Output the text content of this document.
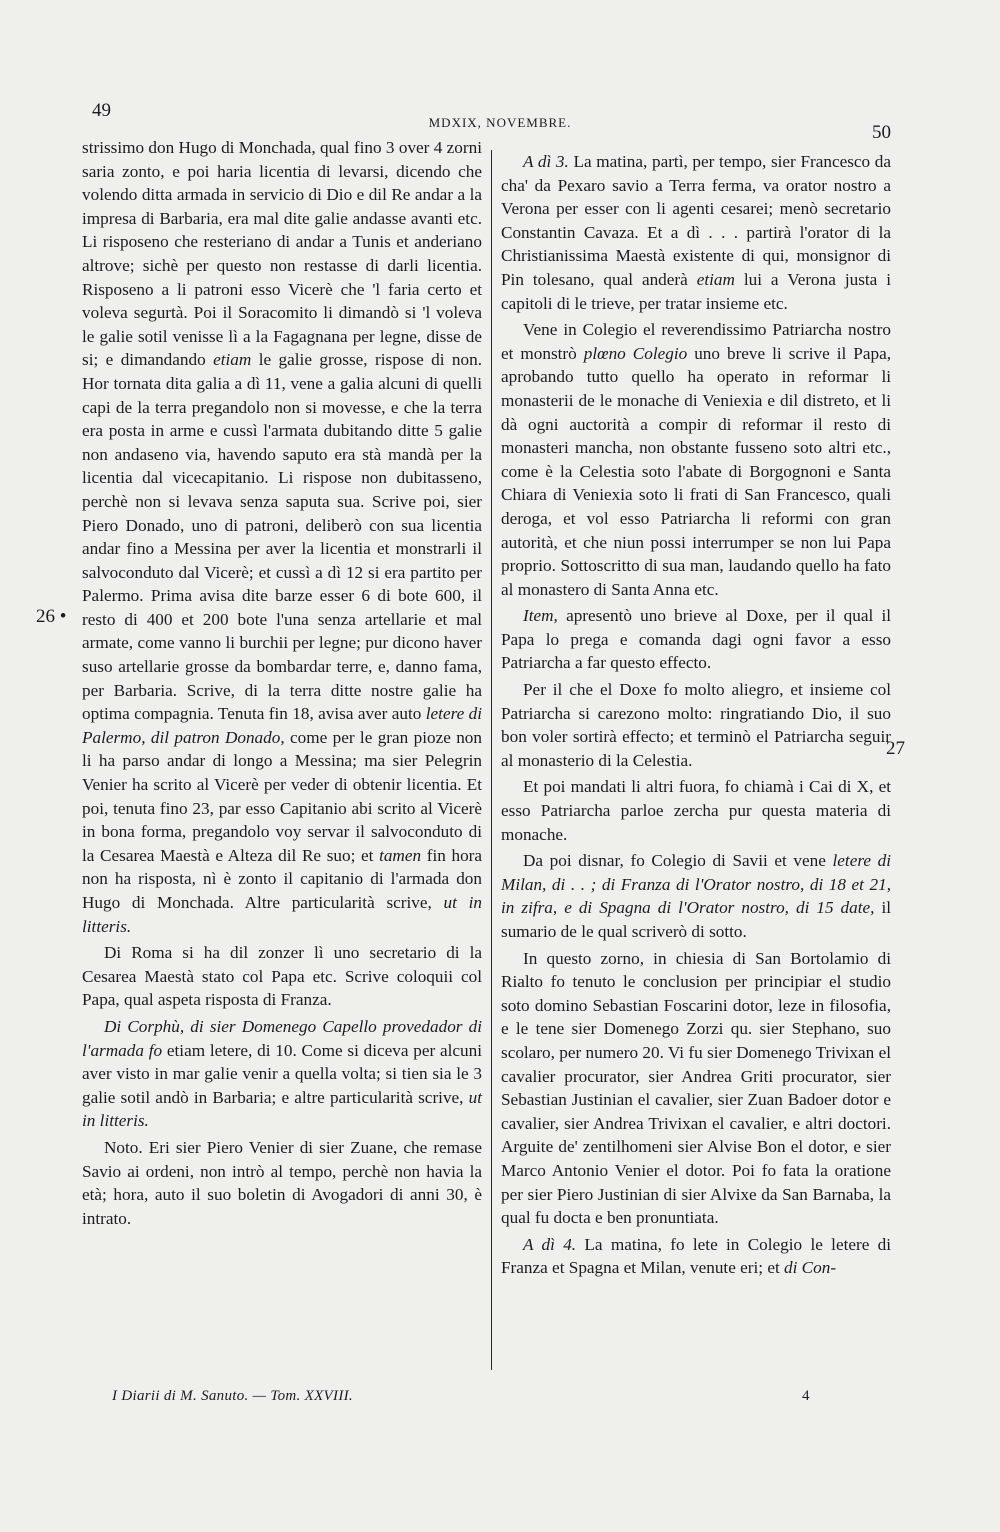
49
MDXIX, NOVEMBRE.	50
26 •
27

strissimo don Hugo di Monchada, qual fino 3 over 4 zorni saria zonto, e poi haria licentia di levarsi, dicendo che volendo ditta armada in servicio di Dio e dil Re andar a la impresa di Barbaria, era mal dite galie andasse avanti etc. Li risposeno che resteriano di andar a Tunis et anderiano altrove; sichè per questo non restasse di darli licentia. Risposeno a li patroni esso Vicerè che 'l faria certo et voleva segurtà. Poi il Soracomito li dimandò si 'l voleva le galie sotil venisse lì a la Fagagnana per legne, disse de si; e dimandando etiam le galie grosse, rispose di non. Hor tornata dita galia a dì 11, vene a galia alcuni di quelli capi de la terra pregandolo non si movesse, e che la terra era posta in arme e cussì l'armata dubitando ditte 5 galie non andaseno via, havendo saputo era stà mandà per la licentia dal vicecapitanio. Li rispose non dubitasseno, perchè non si levava senza saputa sua. Scrive poi, sier Piero Donado, uno di patroni, deliberò con sua licentia andar fino a Messina per aver la licentia et monstrarli il salvoconduto dal Vicerè; et cussì a dì 12 si era partito per Palermo. Prima avisa dite barze esser 6 di bote 600, il resto di 400 et 200 bote l'una senza artellarie et mal armate, come vanno li burchii per legne; pur dicono haver suso artellarie grosse da bombardar terre, e, danno fama, per Barbaria. Scrive, di la terra ditte nostre galie ha optima compagnia. Tenuta fin 18, avisa aver auto letere di Palermo, dil patron Donado, come per le gran pioze non li ha parso andar di longo a Messina; ma sier Pelegrin Venier ha scrito al Vicerè per veder di obtenir licentia. Et poi, tenuta fino 23, par esso Capitanio abi scrito al Vicerè in bona forma, pregandolo voy servar il salvoconduto di la Cesarea Maestà e Alteza dil Re suo; et tamen fin hora non ha risposta, nì è zonto il capitanio di l'armada don Hugo di Monchada. Altre particularità scrive, ut in litteris.

Di Roma si ha dil zonzer lì uno secretario di la Cesarea Maestà stato col Papa etc. Scrive coloquii col Papa, qual aspeta risposta di Franza.

Di Corphù, di sier Domenego Capello provedador di l'armada fo etiam letere, di 10. Come si diceva per alcuni aver visto in mar galie venir a quella volta; si tien sia le 3 galie sotil andò in Barbaria; e altre particularità scrive, ut in litteris.

Noto. Eri sier Piero Venier di sier Zuane, che remase Savio ai ordeni, non intrò al tempo, perchè non havia la età; hora, auto il suo boletin di Avogadori di anni 30, è intrato.

A dì 3. La matina, partì, per tempo, sier Francesco da cha' da Pexaro savio a Terra ferma, va orator nostro a Verona per esser con li agenti cesarei; menò secretario Constantin Cavaza. Et a dì . . . partirà l'orator di la Christianissima Maestà existente di qui, monsignor di Pin tolesano, qual anderà etiam lui a Verona justa i capitoli di le trieve, per tratar insieme etc.

Vene in Colegio el reverendissimo Patriarcha nostro et monstrò plœno Colegio uno breve li scrive il Papa, aprobando tutto quello ha operato in reformar li monasterii de le monache di Veniexia e dil distreto, et li dà ogni auctorità a compir di reformar il resto di monasteri mancha, non obstante fusseno soto altri etc., come è la Celestia soto l'abate di Borgognoni e Santa Chiara di Veniexia soto li frati di San Francesco, quali deroga, et vol esso Patriarcha li reformi con gran autorità, et che niun possi interrumper se non lui Papa proprio. Sottoscritto di sua man, laudando quello ha fato al monastero di Santa Anna etc.

Item, apresentò uno brieve al Doxe, per il qual il Papa lo prega e comanda dagi ogni favor a esso Patriarcha a far questo effecto.

Per il che el Doxe fo molto aliegro, et insieme col Patriarcha si carezono molto: ringratiando Dio, il suo bon voler sortirà effecto; et terminò el Patriarcha seguir al monasterio di la Celestia.

Et poi mandati li altri fuora, fo chiamà i Cai di X, et esso Patriarcha parloe zercha pur questa materia di monache.

Da poi disnar, fo Colegio di Savii et vene letere di Milan, di . . ; di Franza di l'Orator nostro, di 18 et 21, in zifra, e di Spagna di l'Orator nostro, di 15 date, il sumario de le qual scriverò di sotto.

In questo zorno, in chiesia di San Bortolamio di Rialto fo tenuto le conclusion per principiar el studio soto domino Sebastian Foscarini dotor, leze in filosofia, e le tene sier Domenego Zorzi qu. sier Stephano, suo scolaro, per numero 20. Vi fu sier Domenego Trivixan el cavalier procurator, sier Andrea Griti procurator, sier Sebastian Justinian el cavalier, sier Zuan Badoer dotor e cavalier, sier Andrea Trivixan el cavalier, e altri doctori. Arguite de' zentilhomeni sier Alvise Bon el dotor, e sier Marco Antonio Venier el dotor. Poi fo fata la oratione per sier Piero Justinian di sier Alvixe da San Barnaba, la qual fu docta e ben pronuntiata.

A dì 4. La matina, fo lete in Colegio le letere di Franza et Spagna et Milan, venute eri; et di Con-

I Diarii di M. Sanuto. — Tom. XXVIII.	4
